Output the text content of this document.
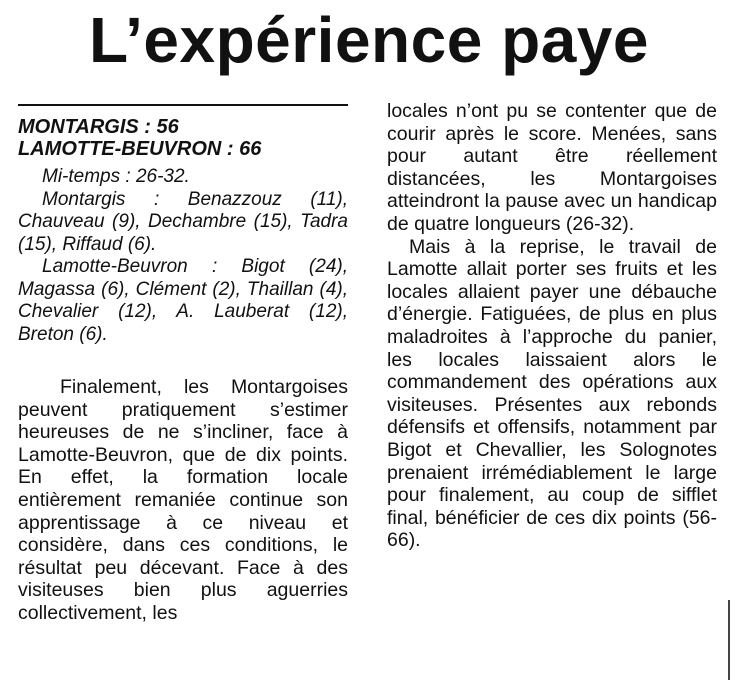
L’expérience paye

MONTARGIS : 56

LAMOTTE-BEUVRON : 66

Mi-temps : 26-32.

Montargis : Benazzouz (11), Chauveau (9), Dechambre (15), Tadra (15), Riffaud (6).

Lamotte-Beuvron : Bigot (24), Magassa (6), Clément (2), Thaillan (4), Chevalier (12), A. Lauberat (12), Breton (6).

Finalement, les Montargoises peuvent pratiquement s’estimer heureuses de ne s’incliner, face à Lamotte-Beuvron, que de dix points. En effet, la formation locale entièrement remaniée continue son apprentissage à ce niveau et considère, dans ces conditions, le résultat peu décevant. Face à des visiteuses bien plus aguerries collectivement, les

locales n’ont pu se contenter que de courir après le score. Menées, sans pour autant être réellement distancées, les Montargoises atteindront la pause avec un handicap de quatre longueurs (26-32).

Mais à la reprise, le travail de Lamotte allait porter ses fruits et les locales allaient payer une débauche d’énergie. Fatiguées, de plus en plus maladroites à l’approche du panier, les locales laissaient alors le commandement des opérations aux visiteuses. Présentes aux rebonds défensifs et offensifs, notamment par Bigot et Chevallier, les Solognotes prenaient irrémédiablement le large pour finalement, au coup de sifflet final, bénéficier de ces dix points (56-66).
